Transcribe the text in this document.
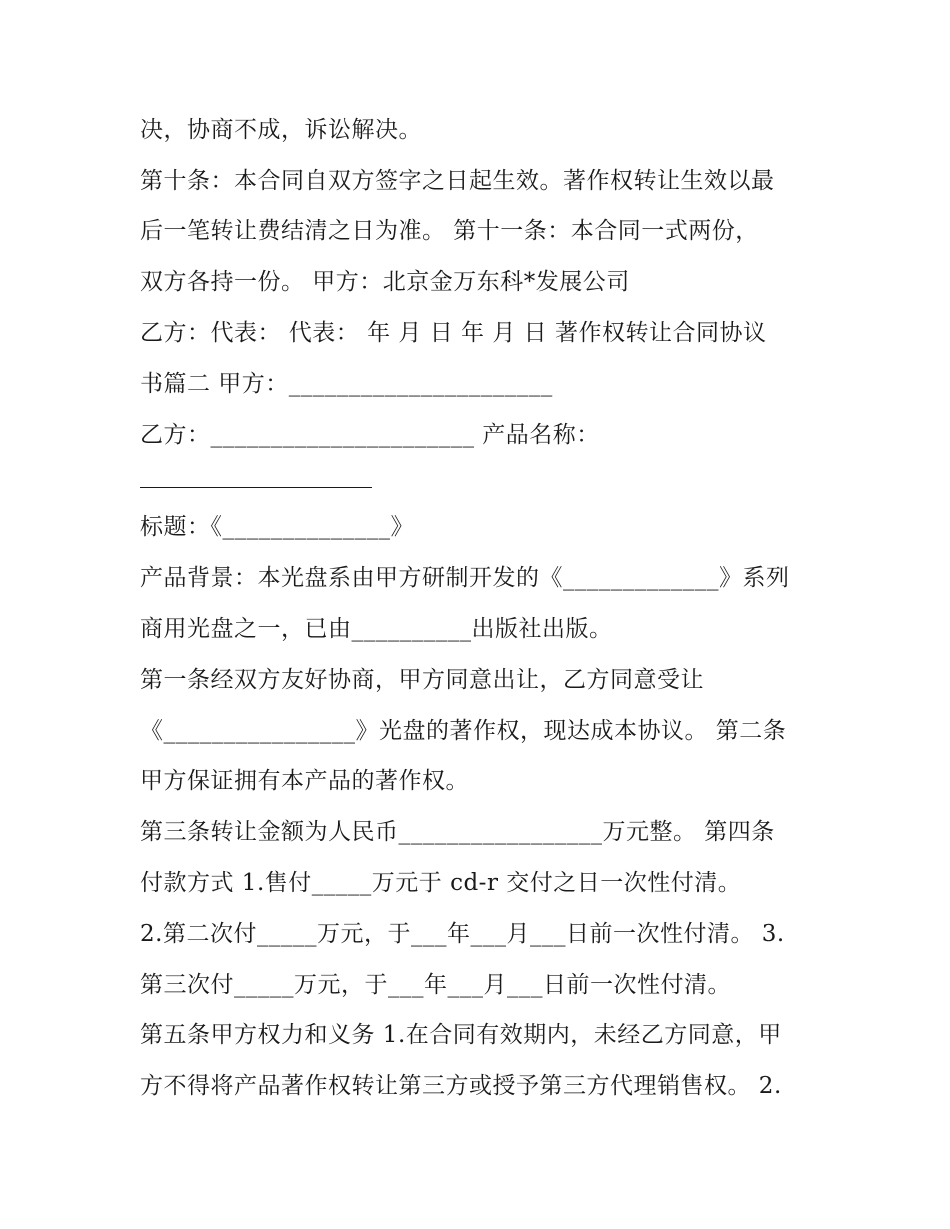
决，协商不成，诉讼解决。
第十条：本合同自双方签字之日起生效。著作权转让生效以最
后一笔转让费结清之日为准。 第十一条：本合同一式两份，
双方各持一份。 甲方：北京金万东科*发展公司
乙方：代表： 代表： 年 月 日 年 月 日 著作权转让合同协议
书篇二 甲方：______________________
乙方：______________________ 产品名称：
标题：《______________》
产品背景：本光盘系由甲方研制开发的《_____________》系列
商用光盘之一，已由__________出版社出版。
第一条经双方友好协商，甲方同意出让，乙方同意受让
《________________》光盘的著作权，现达成本协议。 第二条
甲方保证拥有本产品的著作权。
第三条转让金额为人民币_________________万元整。 第四条
付款方式 1.售付_____万元于 cd-r 交付之日一次性付清。
2.第二次付_____万元，于___年___月___日前一次性付清。 3.
第三次付_____万元，于___年___月___日前一次性付清。
第五条甲方权力和义务 1.在合同有效期内，未经乙方同意，甲
方不得将产品著作权转让第三方或授予第三方代理销售权。 2.
